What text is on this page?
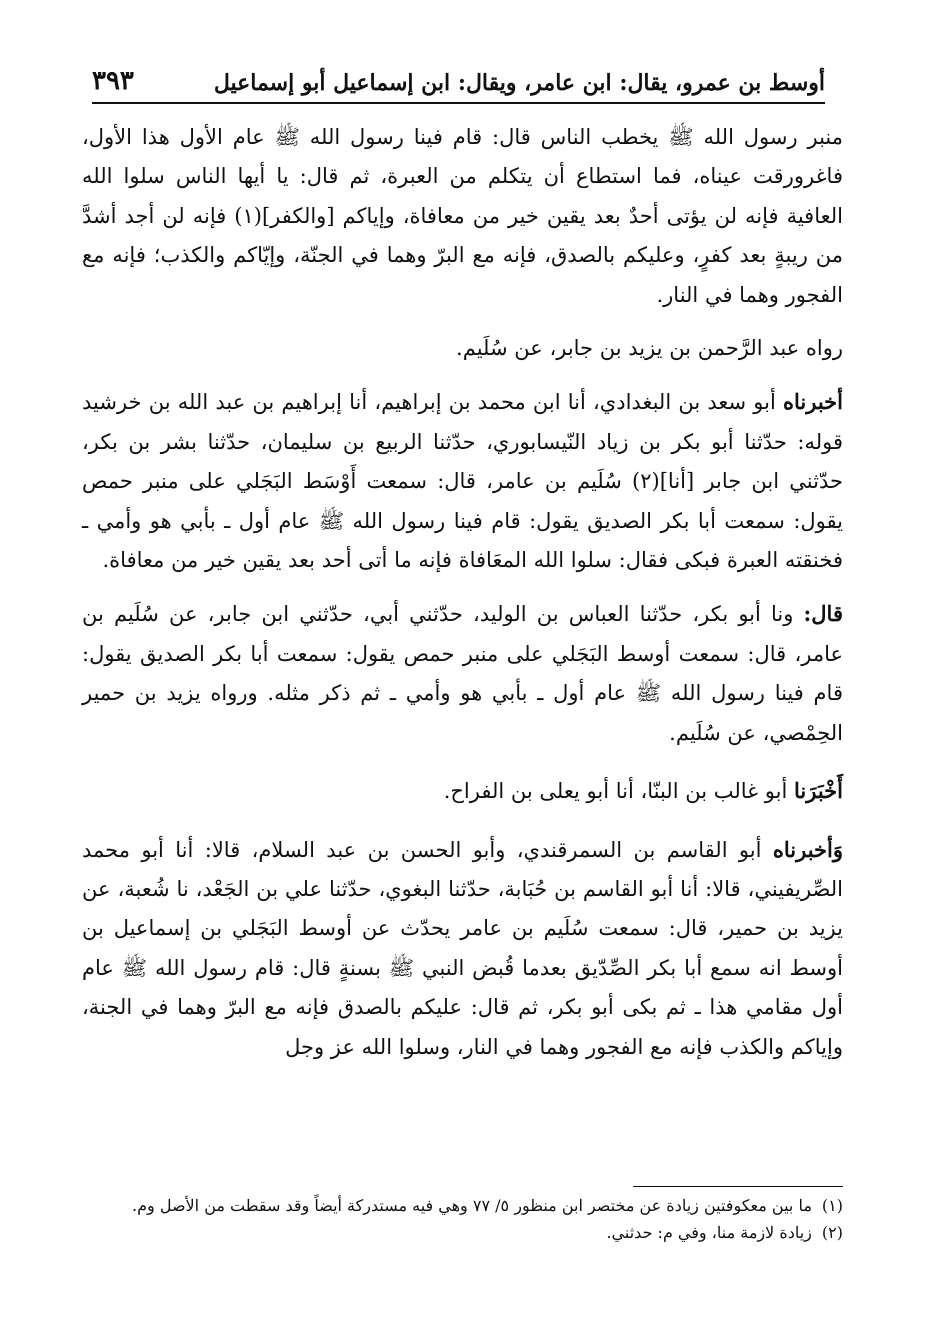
٣٩٣	أوسط بن عمرو، يقال: ابن عامر، ويقال: ابن إسماعيل أبو إسماعيل

منبر رسول الله ﷺ يخطب الناس قال: قام فينا رسول الله ﷺ عام الأول هذا الأول، فاغرورقت عيناه، فما استطاع أن يتكلم من العبرة، ثم قال: يا أيها الناس سلوا الله العافية فإنه لن يؤتى أحدٌ بعد يقين خير من معافاة، وإياكم [والكفر](١) فإنه لن أجد أشدَّ من ريبةٍ بعد كفرٍ، وعليكم بالصدق، فإنه مع البرّ وهما في الجنّة، وإيّاكم والكذب؛ فإنه مع الفجور وهما في النار.

رواه عبد الرَّحمن بن يزيد بن جابر، عن سُلَيم.

أخبرناه أبو سعد بن البغدادي، أنا ابن محمد بن إبراهيم، أنا إبراهيم بن عبد الله بن خرشيد قوله: حدّثنا أبو بكر بن زياد النّيسابوري، حدّثنا الربيع بن سليمان، حدّثنا بشر بن بكر، حدّثني ابن جابر [أنا](٢) سُلَيم بن عامر، قال: سمعت أَوْسَط البَجَلي على منبر حمص يقول: سمعت أبا بكر الصديق يقول: قام فينا رسول الله ﷺ عام أول ـ بأبي هو وأمي ـ فخنقته العبرة فبكى فقال: سلوا الله المعَافاة فإنه ما أتى أحد بعد يقين خير من معافاة.

قال: ونا أبو بكر، حدّثنا العباس بن الوليد، حدّثني أبي، حدّثني ابن جابر، عن سُلَيم بن عامر، قال: سمعت أوسط البَجَلي على منبر حمص يقول: سمعت أبا بكر الصديق يقول: قام فينا رسول الله ﷺ عام أول ـ بأبي هو وأمي ـ ثم ذكر مثله. ورواه يزيد بن حمير الحِمْصي، عن سُلَيم.

أَخْبَرَنا أبو غالب بن البنّا، أنا أبو يعلى بن الفراح.

وَأخبرناه أبو القاسم بن السمرقندي، وأبو الحسن بن عبد السلام، قالا: أنا أبو محمد الصِّريفيني، قالا: أنا أبو القاسم بن حُبَابة، حدّثنا البغوي، حدّثنا علي بن الجَعْد، نا شُعبة، عن يزيد بن حمير، قال: سمعت سُلَيم بن عامر يحدّث عن أوسط البَجَلي بن إسماعيل بن أوسط انه سمع أبا بكر الصِّدّيق بعدما قُبض النبي ﷺ بسنةٍ قال: قام رسول الله ﷺ عام أول مقامي هذا ـ ثم بكى أبو بكر، ثم قال: عليكم بالصدق فإنه مع البرّ وهما في الجنة، وإياكم والكذب فإنه مع الفجور وهما في النار، وسلوا الله عز وجل

(١)
ما بين معكوفتين زيادة عن مختصر ابن منظور ٥/ ٧٧ وهي فيه مستدركة أيضاً وقد سقطت من الأصل وم.
(٢)
زيادة لازمة منا، وفي م: حدثني.
